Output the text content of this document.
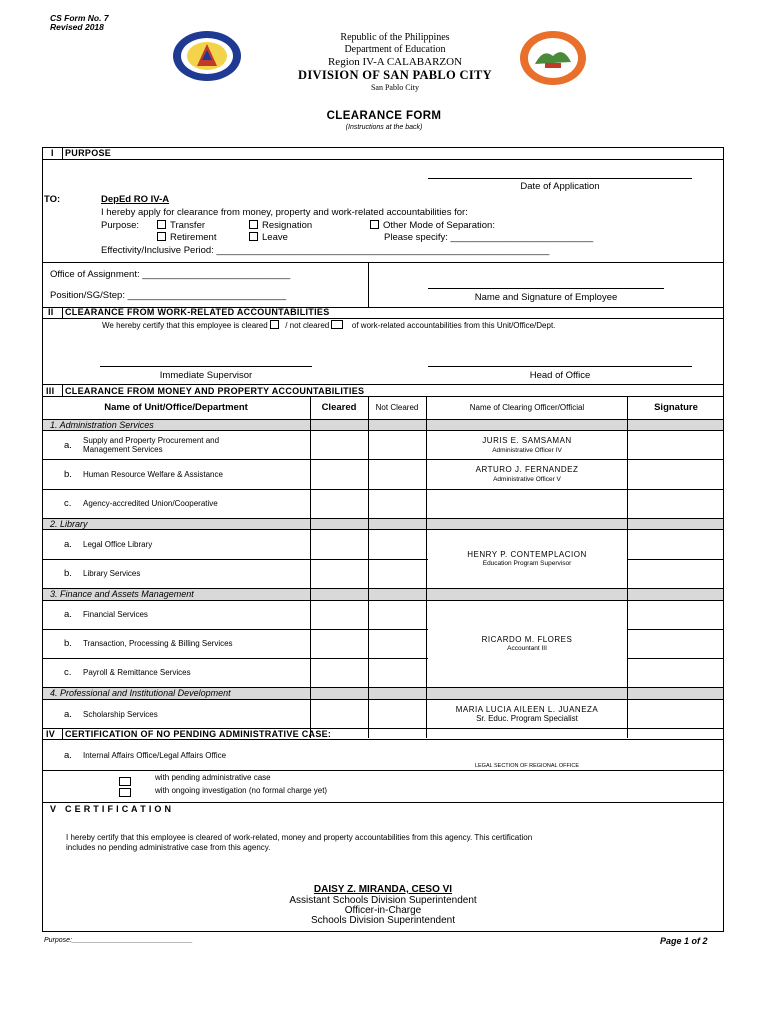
CS Form No. 7
Revised 2018
Republic of the Philippines
Department of Education
Region IV-A CALABARZON
DIVISION OF SAN PABLO CITY
San Pablo City
CLEARANCE FORM
(Instructions at the back)
I PURPOSE
Date of Application
TO:	DepEd RO IV-A
I hereby apply for clearance from money, property and work-related accountabilities for:
Purpose:	Transfer	Resignation	Other Mode of Separation:
Retirement	Leave	Please specify: ___________________________
Effectivity/Inclusive Period: _______________________________________________________________
Office of Assignment: ____________________________
Position/SG/Step: ______________________________	Name and Signature of Employee
II CLEARANCE FROM WORK-RELATED ACCOUNTABILITIES
We hereby certify that this employee is cleared / not cleared	of work-related accountabilities from this Unit/Office/Dept.
Immediate Supervisor	Head of Office
III CLEARANCE FROM MONEY AND PROPERTY ACCOUNTABILITIES
Name of Unit/Office/Department	Cleared	Not Cleared	Name of Clearing Officer/Official	Signature
1. Administration Services
a. Supply and Property Procurement and
Management Services
JURIS E. SAMSAMAN
Administrative Officer IV
b. Human Resource Welfare & Assistance
ARTURO J. FERNANDEZ
Administrative Officer V
c. Agency-accredited Union/Cooperative
2. Library
a. Legal Office Library
b. Library Services
HENRY P. CONTEMPLACION
Education Program Supervisor
3. Finance and Assets Management
a. Financial Services
b. Transaction, Processing & Billing Services	RICARDO M. FLORES
Accountant III
c. Payroll & Remittance Services
4. Professional and Institutional Development
a. Scholarship Services
MARIA LUCIA AILEEN L. JUANEZA
Sr. Educ. Program Specialist
IV CERTIFICATION OF NO PENDING ADMINISTRATIVE CASE:
a. Internal Affairs Office/Legal Affairs Office
LEGAL SECTION OF REGIONAL OFFICE
with pending administrative case
with ongoing investigation (no formal charge yet)
V C E R T I F I C A T I O N
I hereby certify that this employee is cleared of work-related, money and property accountabilities from this agency. This certification
includes no pending administrative case from this agency.
DAISY Z. MIRANDA, CESO VI
Assistant Schools Division Superintendent
Officer-in-Charge
Schools Division Superintendent
Purpose:_______________________________	Page 1 of 2
